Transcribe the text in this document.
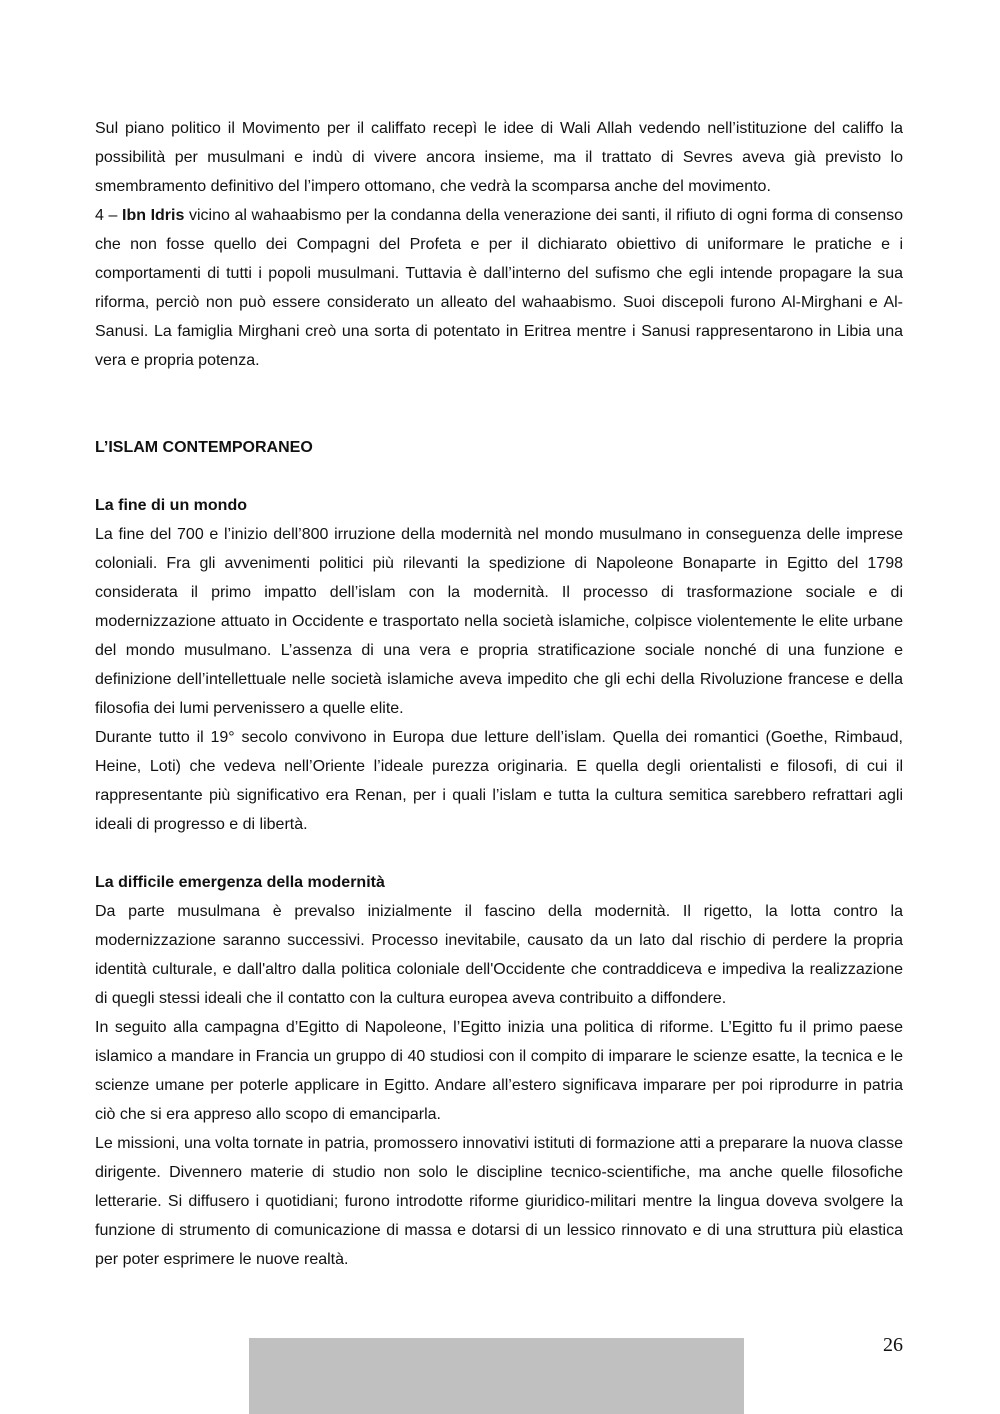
Sul piano politico il Movimento per il califfato recepì le idee di Wali Allah vedendo nell’istituzione del califfo la possibilità per musulmani e indù di vivere ancora insieme, ma il trattato di Sevres aveva già previsto lo smembramento definitivo del l’impero ottomano, che vedrà la scomparsa anche del movimento.

4 – Ibn Idris vicino al wahaabismo per la condanna della venerazione dei santi, il rifiuto di ogni forma di consenso che non fosse quello dei Compagni del Profeta e per il dichiarato obiettivo di uniformare le pratiche e i comportamenti di tutti i popoli musulmani. Tuttavia è dall’interno del sufismo che egli intende propagare la sua riforma, perciò non può essere considerato un alleato del wahaabismo. Suoi discepoli furono Al-Mirghani e Al-Sanusi. La famiglia Mirghani creò una sorta di potentato in Eritrea mentre i Sanusi rappresentarono in Libia una vera e propria potenza.

L’ISLAM CONTEMPORANEO
La fine di un mondo

La fine del 700 e l’inizio dell’800 irruzione della modernità nel mondo musulmano in conseguenza delle imprese coloniali. Fra gli avvenimenti politici più rilevanti la spedizione di Napoleone Bonaparte in Egitto del 1798 considerata il primo impatto dell’islam con la modernità. Il processo di trasformazione sociale e di modernizzazione attuato in Occidente e trasportato nella società islamiche, colpisce violentemente le elite urbane del mondo musulmano. L’assenza di una vera e propria stratificazione sociale nonché di una funzione e definizione dell’intellettuale nelle società islamiche aveva impedito che gli echi della Rivoluzione francese e della filosofia dei lumi pervenissero a quelle elite.

Durante tutto il 19° secolo convivono in Europa due letture dell’islam. Quella dei romantici (Goethe, Rimbaud, Heine, Loti) che vedeva nell’Oriente l’ideale purezza originaria. E quella degli orientalisti e filosofi, di cui il rappresentante più significativo era Renan, per i quali l’islam e tutta la cultura semitica sarebbero refrattari agli ideali di progresso e di libertà.

La difficile emergenza della modernità

Da parte musulmana è prevalso inizialmente il fascino della modernità. Il rigetto, la lotta contro la modernizzazione saranno successivi. Processo inevitabile, causato da un lato dal rischio di perdere la propria identità culturale, e dall'altro dalla politica coloniale dell'Occidente che contraddiceva e impediva la realizzazione di quegli stessi ideali che il contatto con la cultura europea aveva contribuito a diffondere.

In seguito alla campagna d’Egitto di Napoleone, l’Egitto inizia una politica di riforme. L’Egitto fu il primo paese islamico a mandare in Francia un gruppo di 40 studiosi con il compito di imparare le scienze esatte, la tecnica e le scienze umane per poterle applicare in Egitto. Andare all’estero significava imparare per poi riprodurre in patria ciò che si era appreso allo scopo di emanciparla.

Le missioni, una volta tornate in patria, promossero innovativi istituti di formazione atti a preparare la nuova classe dirigente. Divennero materie di studio non solo le discipline tecnico-scientifiche, ma anche quelle filosofiche letterarie. Si diffusero i quotidiani; furono introdotte riforme giuridico-militari mentre la lingua doveva svolgere la funzione di strumento di comunicazione di massa e dotarsi di un lessico rinnovato e di una struttura più elastica per poter esprimere le nuove realtà.

26
